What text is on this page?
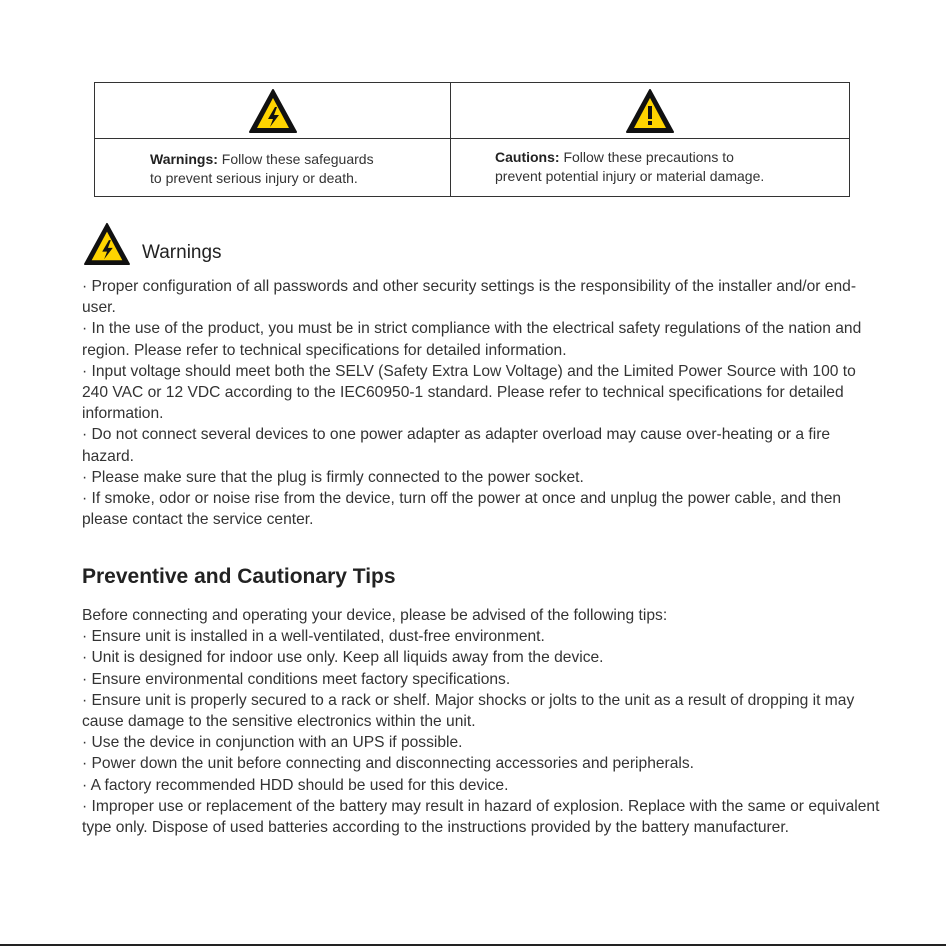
Warnings: Follow these safeguards
to prevent serious injury or death.
Cautions: Follow these precautions to
prevent potential injury or material damage.
Warnings

· Proper configuration of all passwords and other security settings is the responsibility of the installer and/or end-user.

· In the use of the product, you must be in strict compliance with the electrical safety regulations of the nation and region. Please refer to technical specifications for detailed information.

· Input voltage should meet both the SELV (Safety Extra Low Voltage) and the Limited Power Source with 100 to 240 VAC or 12 VDC according to the IEC60950-1 standard. Please refer to technical specifications for detailed information.

· Do not connect several devices to one power adapter as adapter overload may cause over-heating or a fire hazard.

· Please make sure that the plug is firmly connected to the power socket.

· If smoke, odor or noise rise from the device, turn off the power at once and unplug the power cable, and then please contact the service center.

Preventive and Cautionary Tips

Before connecting and operating your device, please be advised of the following tips:

· Ensure unit is installed in a well-ventilated, dust-free environment.

· Unit is designed for indoor use only. Keep all liquids away from the device.

· Ensure environmental conditions meet factory specifications.

· Ensure unit is properly secured to a rack or shelf. Major shocks or jolts to the unit as a result of dropping it may cause damage to the sensitive electronics within the unit.

· Use the device in conjunction with an UPS if possible.

· Power down the unit before connecting and disconnecting accessories and peripherals.

· A factory recommended HDD should be used for this device.

· Improper use or replacement of the battery may result in hazard of explosion. Replace with the same or equivalent type only. Dispose of used batteries according to the instructions provided by the battery manufacturer.
